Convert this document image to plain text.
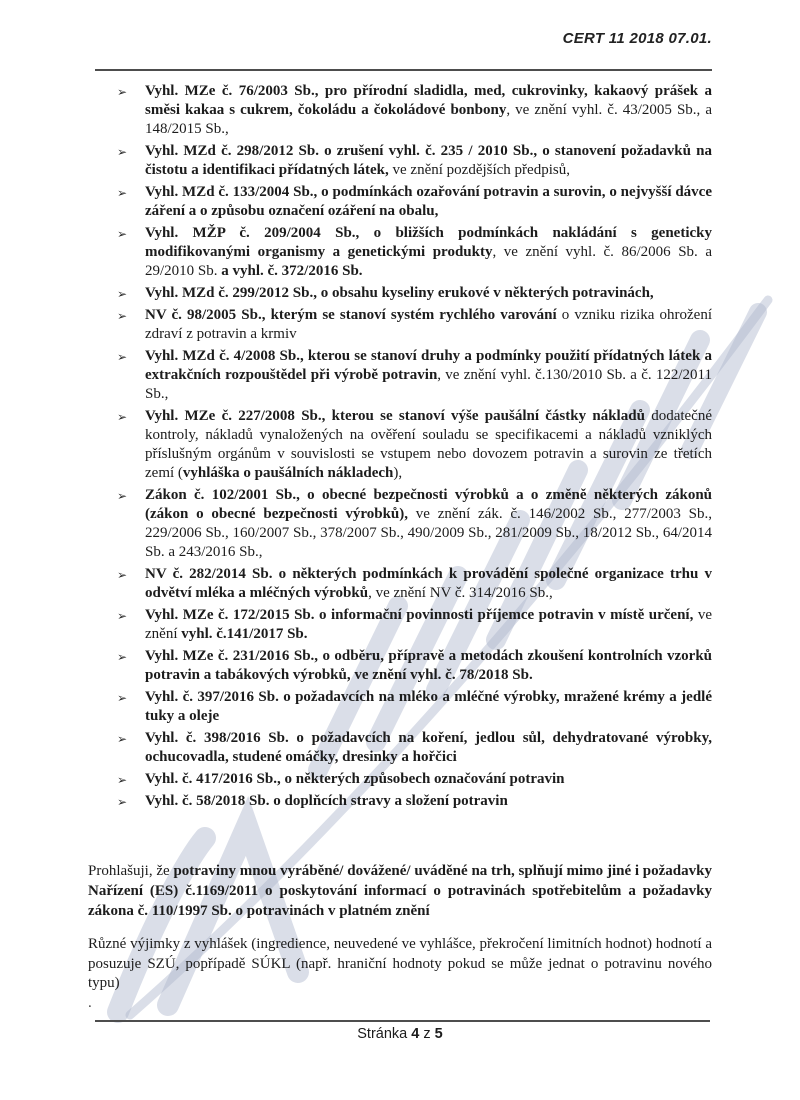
CERT 11 2018 07.01.
➢ Vyhl. MZe č. 76/2003 Sb., pro přírodní sladidla, med, cukrovinky, kakaový prášek a směsi kakaa s cukrem, čokoládu a čokoládové bonbony, ve znění vyhl. č. 43/2005 Sb., a 148/2015 Sb.,
➢ Vyhl. MZd č. 298/2012 Sb. o zrušení vyhl. č. 235 / 2010 Sb., o stanovení požadavků na čistotu a identifikaci přídatných látek, ve znění pozdějších předpisů,
➢ Vyhl. MZd č. 133/2004 Sb., o podmínkách ozařování potravin a surovin, o nejvyšší dávce záření a o způsobu označení ozáření na obalu,
➢ Vyhl. MŽP č. 209/2004 Sb., o bližších podmínkách nakládání s geneticky modifikovanými organismy a genetickými produkty, ve znění vyhl. č. 86/2006 Sb. a 29/2010 Sb. a vyhl. č. 372/2016 Sb.
➢ Vyhl. MZd č. 299/2012 Sb., o obsahu kyseliny erukové v některých potravinách,
➢ NV č. 98/2005 Sb., kterým se stanoví systém rychlého varování o vzniku rizika ohrožení zdraví z potravin a krmiv
➢ Vyhl. MZd č. 4/2008 Sb., kterou se stanoví druhy a podmínky použití přídatných látek a extrakčních rozpouštědel při výrobě potravin, ve znění vyhl. č.130/2010 Sb. a č. 122/2011 Sb.,
➢ Vyhl. MZe č. 227/2008 Sb., kterou se stanoví výše paušální částky nákladů dodatečné kontroly, nákladů vynaložených na ověření souladu se specifikacemi a nákladů vzniklých příslušným orgánům v souvislosti se vstupem nebo dovozem potravin a surovin ze třetích zemí (vyhláška o paušálních nákladech),
➢ Zákon č. 102/2001 Sb., o obecné bezpečnosti výrobků a o změně některých zákonů (zákon o obecné bezpečnosti výrobků), ve znění zák. č. 146/2002 Sb., 277/2003 Sb., 229/2006 Sb., 160/2007 Sb., 378/2007 Sb., 490/2009 Sb., 281/2009 Sb., 18/2012 Sb., 64/2014 Sb. a 243/2016 Sb.,
➢ NV č. 282/2014 Sb. o některých podmínkách k provádění společné organizace trhu v odvětví mléka a mléčných výrobků, ve znění NV č. 314/2016 Sb.,
➢ Vyhl. MZe č. 172/2015 Sb. o informační povinnosti příjemce potravin v místě určení, ve znění vyhl. č.141/2017 Sb.
➢ Vyhl. MZe č. 231/2016 Sb., o odběru, přípravě a metodách zkoušení kontrolních vzorků potravin a tabákových výrobků, ve znění vyhl. č. 78/2018 Sb.
➢ Vyhl. č. 397/2016 Sb. o požadavcích na mléko a mléčné výrobky, mražené krémy a jedlé tuky a oleje
➢ Vyhl. č. 398/2016 Sb. o požadavcích na koření, jedlou sůl, dehydratované výrobky, ochucovadla, studené omáčky, dresinky a hořčici
➢ Vyhl. č. 417/2016 Sb., o některých způsobech označování potravin
➢ Vyhl. č. 58/2018 Sb. o doplňcích stravy a složení potravin
Prohlašuji, že potraviny mnou vyráběné/ dovážené/ uváděné na trh, splňují mimo jiné i požadavky Nařízení (ES) č.1169/2011 o poskytování informací o potravinách spotřebitelům a požadavky zákona č. 110/1997 Sb. o potravinách v platném znění
Různé výjimky z vyhlášek (ingredience, neuvedené ve vyhlášce, překročení limitních hodnot) hodnotí a posuzuje SZÚ, popřípadě SÚKL (např. hraniční hodnoty pokud se může jednat o potravinu nového typu)
.
Stránka 4 z 5
